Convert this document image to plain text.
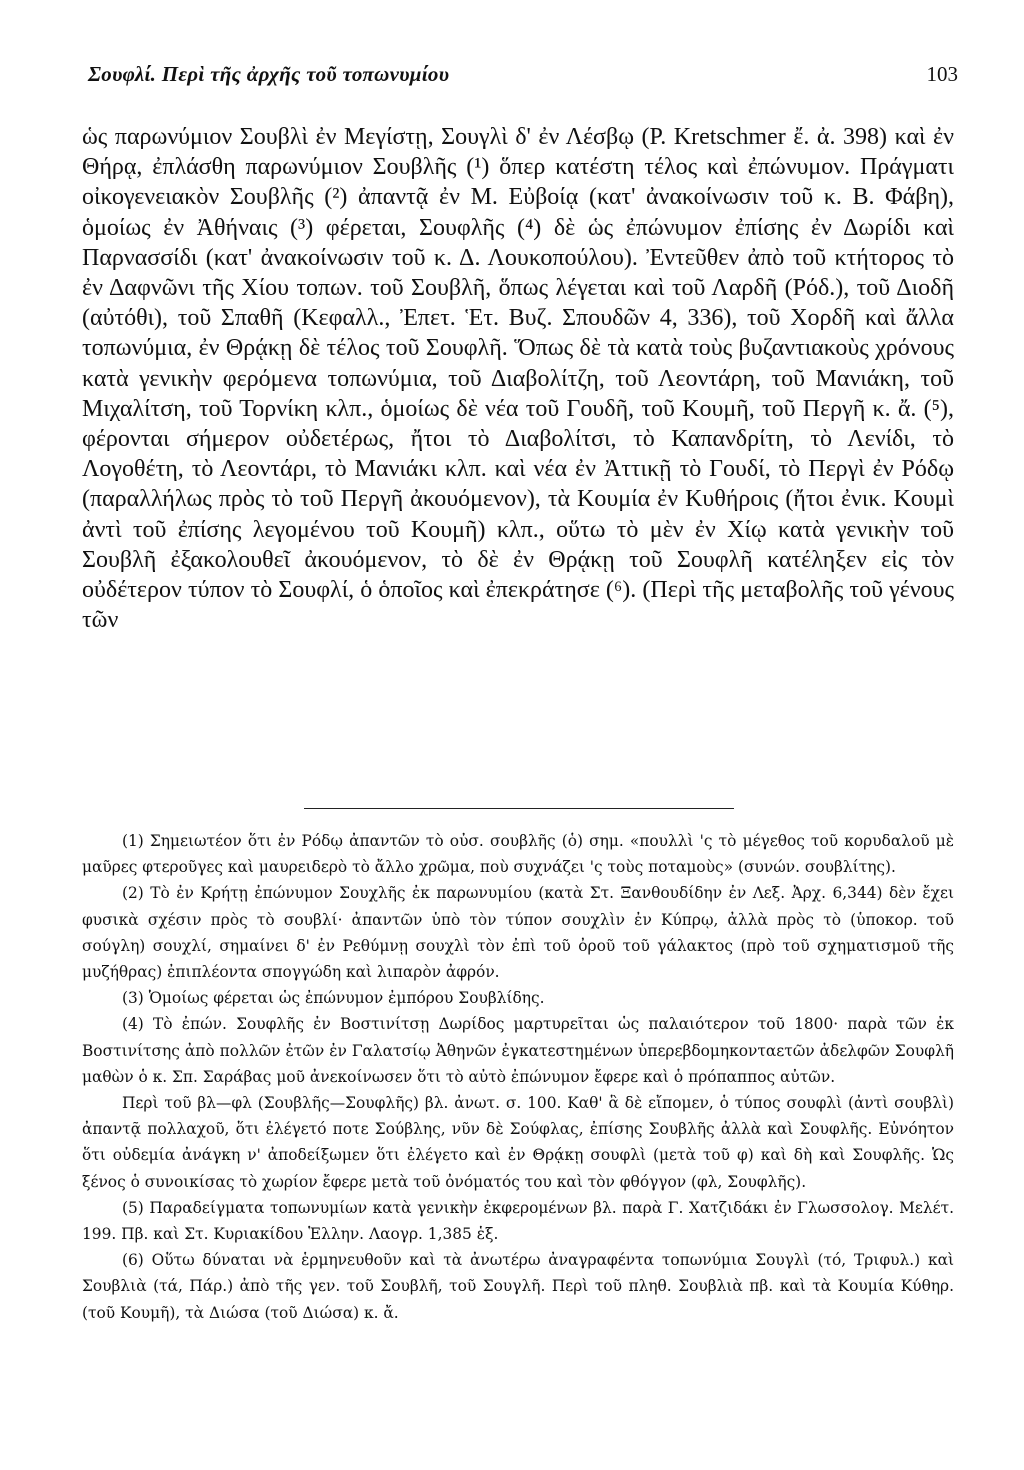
Σουφλί. Περὶ τῆς ἀρχῆς τοῦ τοπωνυμίου	103

ὡς παρωνύμιον Σουβλὶ ἐν Μεγίστῃ, Σουγλὶ δ' ἐν Λέσβῳ (P. Kretschmer ἔ. ἀ. 398) καὶ ἐν Θήρᾳ, ἐπλάσθη παρωνύμιον Σουβλῆς (¹) ὅπερ κατέστη τέλος καὶ ἐπώνυμον. Πράγματι οἰκογενειακὸν Σουβλῆς (²) ἀπαντᾷ ἐν Μ. Εὐβοίᾳ (κατ' ἀνακοίνωσιν τοῦ κ. Β. Φάβη), ὁμοίως ἐν Ἀθήναις (³) φέρεται, Σουφλῆς (⁴) δὲ ὡς ἐπώνυμον ἐπίσης ἐν Δωρίδι καὶ Παρνασσίδι (κατ' ἀνακοίνωσιν τοῦ κ. Δ. Λουκοπούλου). Ἐντεῦθεν ἀπὸ τοῦ κτήτορος τὸ ἐν Δαφνῶνι τῆς Χίου τοπων. τοῦ Σουβλῆ, ὅπως λέγεται καὶ τοῦ Λαρδῆ (Ρόδ.), τοῦ Διοδῆ (αὐτόθι), τοῦ Σπαθῆ (Κεφαλλ., Ἐπετ. Ἑτ. Βυζ. Σπουδῶν 4, 336), τοῦ Χορδῆ καὶ ἄλλα τοπωνύμια, ἐν Θρᾴκῃ δὲ τέλος τοῦ Σουφλῆ. Ὅπως δὲ τὰ κατὰ τοὺς βυζαντιακοὺς χρόνους κατὰ γενικὴν φερόμενα τοπωνύμια, τοῦ Διαβολίτζη, τοῦ Λεοντάρη, τοῦ Μανιάκη, τοῦ Μιχαλίτση, τοῦ Τορνίκη κλπ., ὁμοίως δὲ νέα τοῦ Γουδῆ, τοῦ Κουμῆ, τοῦ Περγῆ κ. ἄ. (⁵), φέρονται σήμερον οὐδετέρως, ἤτοι τὸ Διαβολίτσι, τὸ Καπανδρίτη, τὸ Λενίδι, τὸ Λογοθέτη, τὸ Λεοντάρι, τὸ Μανιάκι κλπ. καὶ νέα ἐν Ἀττικῇ τὸ Γουδί, τὸ Περγὶ ἐν Ρόδῳ (παραλλήλως πρὸς τὸ τοῦ Περγῆ ἀκουόμενον), τὰ Κουμία ἐν Κυθήροις (ἤτοι ἐνικ. Κουμὶ ἀντὶ τοῦ ἐπίσης λεγομένου τοῦ Κουμῆ) κλπ., οὕτω τὸ μὲν ἐν Χίῳ κατὰ γενικὴν τοῦ Σουβλῆ ἐξακολουθεῖ ἀκουόμενον, τὸ δὲ ἐν Θρᾴκῃ τοῦ Σουφλῆ κατέληξεν εἰς τὸν οὐδέτερον τύπον τὸ Σουφλί, ὁ ὁποῖος καὶ ἐπεκράτησε (⁶). (Περὶ τῆς μεταβολῆς τοῦ γένους τῶν

(1) Σημειωτέον ὅτι ἐν Ρόδῳ ἀπαντῶν τὸ οὐσ. σουβλῆς (ὁ) σημ. «πουλλὶ 'ς τὸ μέγεθος τοῦ κορυδαλοῦ μὲ μαῦρες φτεροῦγες καὶ μαυρειδερὸ τὸ ἄλλο χρῶμα, ποὺ συχνάζει 'ς τοὺς ποταμοὺς» (συνών. σουβλίτης).

(2) Τὸ ἐν Κρήτῃ ἐπώνυμον Σουχλῆς ἐκ παρωνυμίου (κατὰ Στ. Ξανθουδίδην ἐν Λεξ. Ἀρχ. 6,344) δὲν ἔχει φυσικὰ σχέσιν πρὸς τὸ σουβλί· ἀπαντῶν ὑπὸ τὸν τύπον σουχλὶν ἐν Κύπρῳ, ἀλλὰ πρὸς τὸ (ὑποκορ. τοῦ σούγλη) σουχλί, σημαίνει δ' ἐν Ρεθύμνῃ σουχλὶ τὸν ἐπὶ τοῦ ὀροῦ τοῦ γάλακτος (πρὸ τοῦ σχηματισμοῦ τῆς μυζήθρας) ἐπιπλέοντα σπογγώδη καὶ λιπαρὸν ἀφρόν.

(3) Ὁμοίως φέρεται ὡς ἐπώνυμον ἐμπόρου Σουβλίδης.

(4) Τὸ ἐπών. Σουφλῆς ἐν Βοστινίτσῃ Δωρίδος μαρτυρεῖται ὡς παλαιότερον τοῦ 1800· παρὰ τῶν ἐκ Βοστινίτσης ἀπὸ πολλῶν ἐτῶν ἐν Γαλατσίῳ Ἀθηνῶν ἐγκατεστημένων ὑπερεβδομηκονταετῶν ἀδελφῶν Σουφλῆ μαθὼν ὁ κ. Σπ. Σαράβας μοῦ ἀνεκοίνωσεν ὅτι τὸ αὐτὸ ἐπώνυμον ἔφερε καὶ ὁ πρόπαππος αὐτῶν.

Περὶ τοῦ βλ—φλ (Σουβλῆς—Σουφλῆς) βλ. ἀνωτ. σ. 100. Καθ' ἃ δὲ εἴπομεν, ὁ τύπος σουφλὶ (ἀντὶ σουβλὶ) ἀπαντᾷ πολλαχοῦ, ὅτι ἐλέγετό ποτε Σούβλης, νῦν δὲ Σούφλας, ἐπίσης Σουβλῆς ἀλλὰ καὶ Σουφλῆς. Εὐνόητον ὅτι οὐδεμία ἀνάγκη ν' ἀποδείξωμεν ὅτι ἐλέγετο καὶ ἐν Θρᾴκῃ σουφλὶ (μετὰ τοῦ φ) καὶ δὴ καὶ Σουφλῆς. Ὡς ξένος ὁ συνοικίσας τὸ χωρίον ἔφερε μετὰ τοῦ ὀνόματός του καὶ τὸν φθόγγον (φλ, Σουφλῆς).

(5) Παραδείγματα τοπωνυμίων κατὰ γενικὴν ἐκφερομένων βλ. παρὰ Γ. Χατζιδάκι ἐν Γλωσσολογ. Μελέτ. 199. Πβ. καὶ Στ. Κυριακίδου Ἑλλην. Λαογρ. 1,385 ἑξ.

(6) Οὕτω δύναται νὰ ἑρμηνευθοῦν καὶ τὰ ἀνωτέρω ἀναγραφέντα τοπωνύμια Σουγλὶ (τό, Τριφυλ.) καὶ Σουβλιὰ (τά, Πάρ.) ἀπὸ τῆς γεν. τοῦ Σουβλῆ, τοῦ Σουγλῆ. Περὶ τοῦ πληθ. Σουβλιὰ πβ. καὶ τὰ Κουμία Κύθηρ. (τοῦ Κουμῆ), τὰ Διώσα (τοῦ Διώσα) κ. ἄ.
